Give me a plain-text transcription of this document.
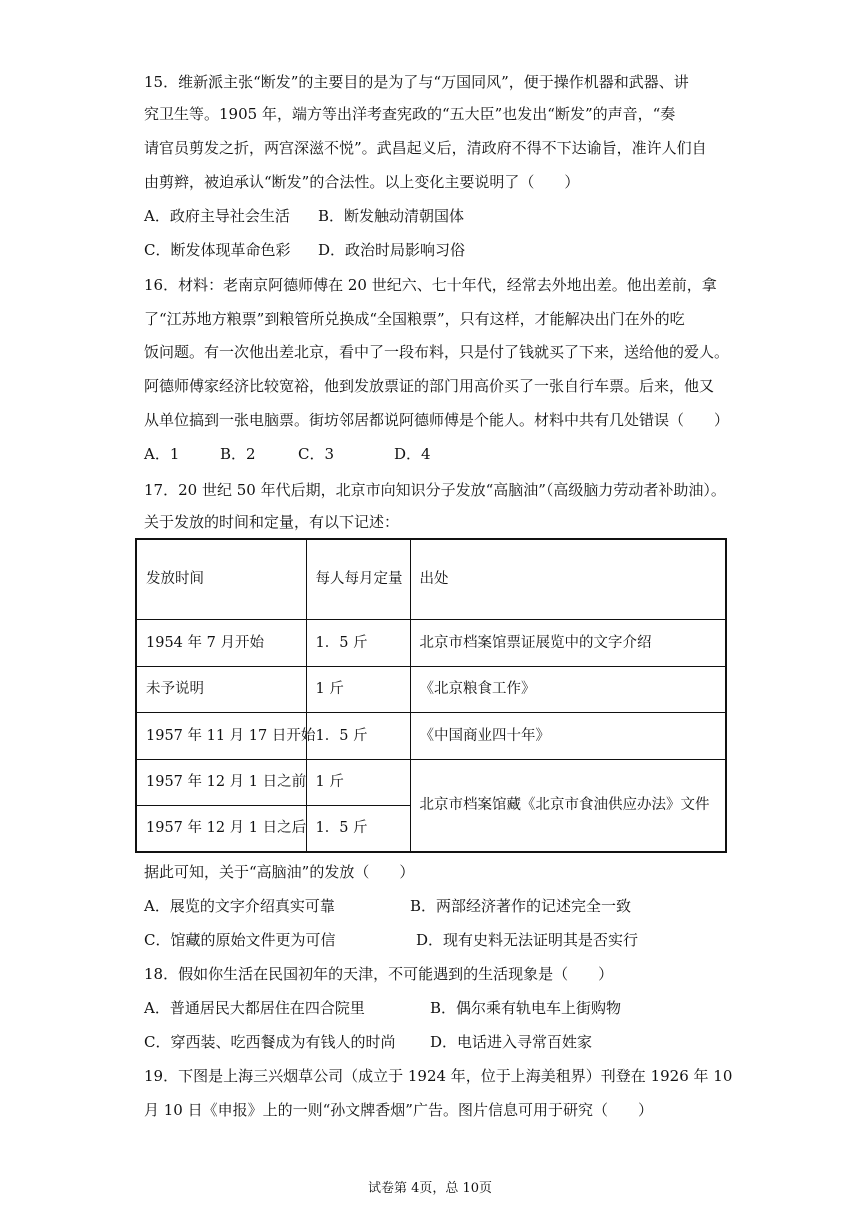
15．维新派主张“断发”的主要目的是为了与“万国同风”，便于操作机器和武器、讲
究卫生等。1905 年，端方等出洋考查宪政的“五大臣”也发出“断发”的声音，“奏
请官员剪发之折，两宫深滋不悦”。武昌起义后，清政府不得不下达谕旨，准许人们自
由剪辫，被迫承认“断发”的合法性。以上变化主要说明了（　　）
A．政府主导社会生活 B．断发触动清朝国体
C．断发体现革命色彩 D．政治时局影响习俗
16．材料：老南京阿德师傅在 20 世纪六、七十年代，经常去外地出差。他出差前，拿
了“江苏地方粮票”到粮管所兑换成“全国粮票”，只有这样，才能解决出门在外的吃
饭问题。有一次他出差北京，看中了一段布料，只是付了钱就买了下来，送给他的爱人。
阿德师傅家经济比较宽裕，他到发放票证的部门用高价买了一张自行车票。后来，他又
从单位搞到一张电脑票。街坊邻居都说阿德师傅是个能人。材料中共有几处错误（　　）
A．1	B．2	C．3	D．4
17．20 世纪 50 年代后期，北京市向知识分子发放“高脑油”（高级脑力劳动者补助油）。
关于发放的时间和定量，有以下记述：
发放时间	每人每月定量	出处
1954 年 7 月开始	1．5 斤	北京市档案馆票证展览中的文字介绍
未予说明	1 斤	《北京粮食工作》
1957 年 11 月 17 日开始	1．5 斤	《中国商业四十年》
1957 年 12 月 1 日之前	1 斤	北京市档案馆藏《北京市食油供应办法》文件
1957 年 12 月 1 日之后	1．5 斤	
据此可知，关于“高脑油”的发放（　　）
A．展览的文字介绍真实可靠	B．两部经济著作的记述完全一致
C．馆藏的原始文件更为可信	D．现有史料无法证明其是否实行
18．假如你生活在民国初年的天津，不可能遇到的生活现象是（　　）
A．普通居民大都居住在四合院里	B．偶尔乘有轨电车上街购物
C．穿西装、吃西餐成为有钱人的时尚 D．电话进入寻常百姓家
19．下图是上海三兴烟草公司（成立于 1924 年，位于上海美租界）刊登在 1926 年 10
月 10 日《申报》上的一则“孙文牌香烟”广告。图片信息可用于研究（　　）
试卷第 4页，总 10页
